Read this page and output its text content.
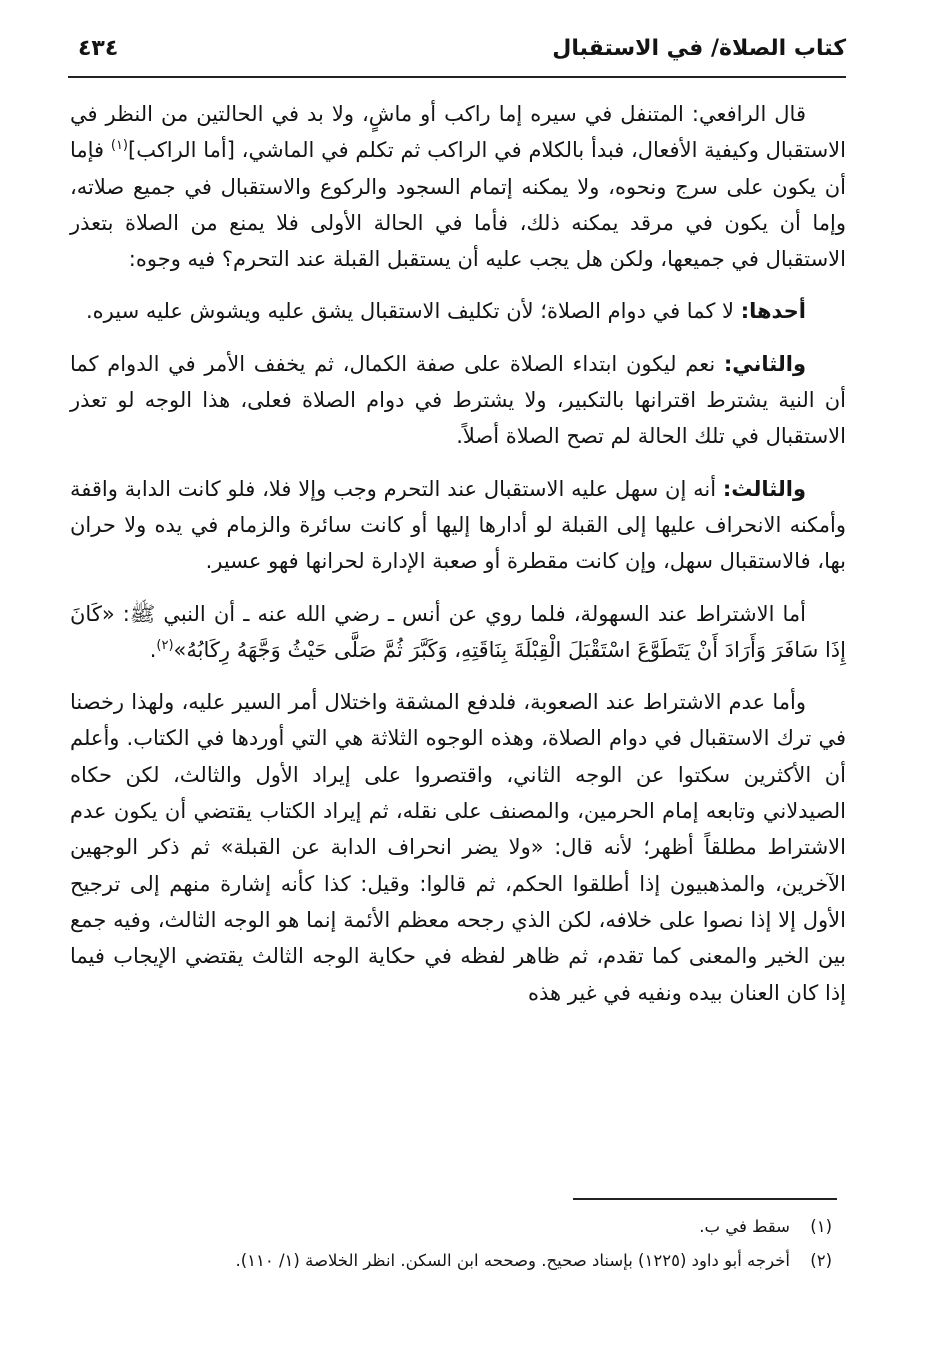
كتاب الصلاة/ في الاستقبال
٤٣٤

قال الرافعي: المتنفل في سيره إما راكب أو ماشٍ، ولا بد في الحالتين من النظر في الاستقبال وكيفية الأفعال، فبدأ بالكلام في الراكب ثم تكلم في الماشي، [أما الراكب]$^{(١)}$ فإما أن يكون على سرج ونحوه، ولا يمكنه إتمام السجود والركوع والاستقبال في جميع صلاته، وإما أن يكون في مرقد يمكنه ذلك، فأما في الحالة الأولى فلا يمنع من الصلاة بتعذر الاستقبال في جميعها، ولكن هل يجب عليه أن يستقبل القبلة عند التحرم؟ فيه وجوه:

أحدها: لا كما في دوام الصلاة؛ لأن تكليف الاستقبال يشق عليه ويشوش عليه سيره.

والثاني: نعم ليكون ابتداء الصلاة على صفة الكمال، ثم يخفف الأمر في الدوام كما أن النية يشترط اقترانها بالتكبير، ولا يشترط في دوام الصلاة فعلى، هذا الوجه لو تعذر الاستقبال في تلك الحالة لم تصح الصلاة أصلاً.

والثالث: أنه إن سهل عليه الاستقبال عند التحرم وجب وإلا فلا، فلو كانت الدابة واقفة وأمكنه الانحراف عليها إلى القبلة لو أدارها إليها أو كانت سائرة والزمام في يده ولا حران بها، فالاستقبال سهل، وإن كانت مقطرة أو صعبة الإدارة لحرانها فهو عسير.

أما الاشتراط عند السهولة، فلما روي عن أنس ـ رضي الله عنه ـ أن النبي ﷺ: «كَانَ إِذَا سَافَرَ وَأَرَادَ أَنْ يَتَطَوَّعَ اسْتَقْبَلَ الْقِبْلَةَ بِنَاقَتِهِ، وَكَبَّرَ ثُمَّ صَلَّى حَيْثُ وَجَّهَهُ رِكَابُهُ»$^{(٢)}$.

وأما عدم الاشتراط عند الصعوبة، فلدفع المشقة واختلال أمر السير عليه، ولهذا رخصنا في ترك الاستقبال في دوام الصلاة، وهذه الوجوه الثلاثة هي التي أوردها في الكتاب. وأعلم أن الأكثرين سكتوا عن الوجه الثاني، واقتصروا على إيراد الأول والثالث، لكن حكاه الصيدلاني وتابعه إمام الحرمين، والمصنف على نقله، ثم إيراد الكتاب يقتضي أن يكون عدم الاشتراط مطلقاً أظهر؛ لأنه قال: «ولا يضر انحراف الدابة عن القبلة» ثم ذكر الوجهين الآخرين، والمذهبيون إذا أطلقوا الحكم، ثم قالوا: وقيل: كذا كأنه إشارة منهم إلى ترجيح الأول إلا إذا نصوا على خلافه، لكن الذي رجحه معظم الأئمة إنما هو الوجه الثالث، وفيه جمع بين الخير والمعنى كما تقدم، ثم ظاهر لفظه في حكاية الوجه الثالث يقتضي الإيجاب فيما إذا كان العنان بيده ونفيه في غير هذه

(١)سقط في ب.

(٢)أخرجه أبو داود (١٢٢٥) بإسناد صحيح. وصححه ابن السكن. انظر الخلاصة (١/ ١١٠).
